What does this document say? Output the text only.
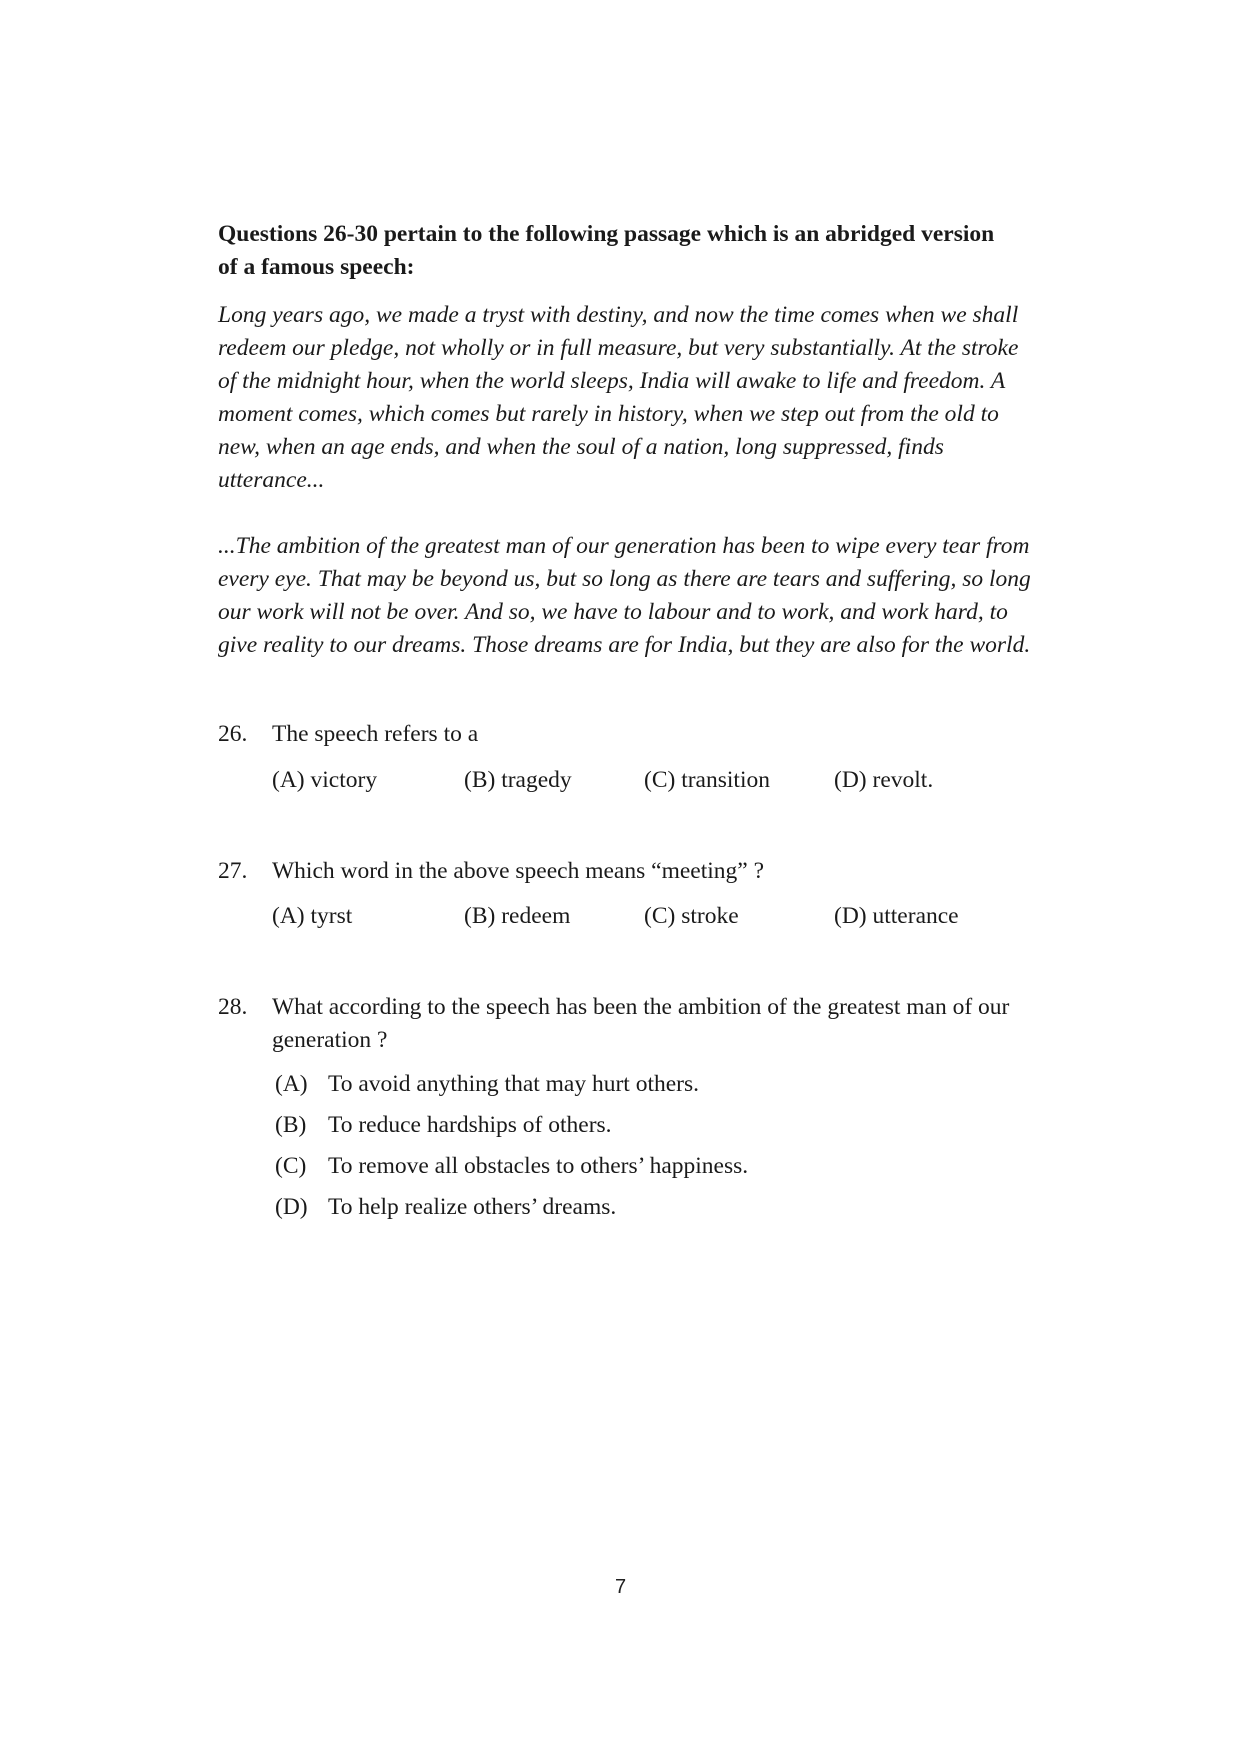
Questions 26-30 pertain to the following passage which is an abridged version of a famous speech:

Long years ago, we made a tryst with destiny, and now the time comes when we shall redeem our pledge, not wholly or in full measure, but very substantially. At the stroke of the midnight hour, when the world sleeps, India will awake to life and freedom. A moment comes, which comes but rarely in history, when we step out from the old to new, when an age ends, and when the soul of a nation, long suppressed, finds utterance...

...The ambition of the greatest man of our generation has been to wipe every tear from every eye. That may be beyond us, but so long as there are tears and suffering, so long our work will not be over. And so, we have to labour and to work, and work hard, to give reality to our dreams. Those dreams are for India, but they are also for the world.

26. The speech refers to a

(A) victory	(B) tragedy	(C) transition	(D) revolt.
27. Which word in the above speech means “meeting” ?

(A) tyrst	(B) redeem	(C) stroke	(D) utterance
28. What according to the speech has been the ambition of the greatest man of our generation ?

(A) To avoid anything that may hurt others.
(B) To reduce hardships of others.
(C) To remove all obstacles to others’ happiness.
(D) To help realize others’ dreams.
7
